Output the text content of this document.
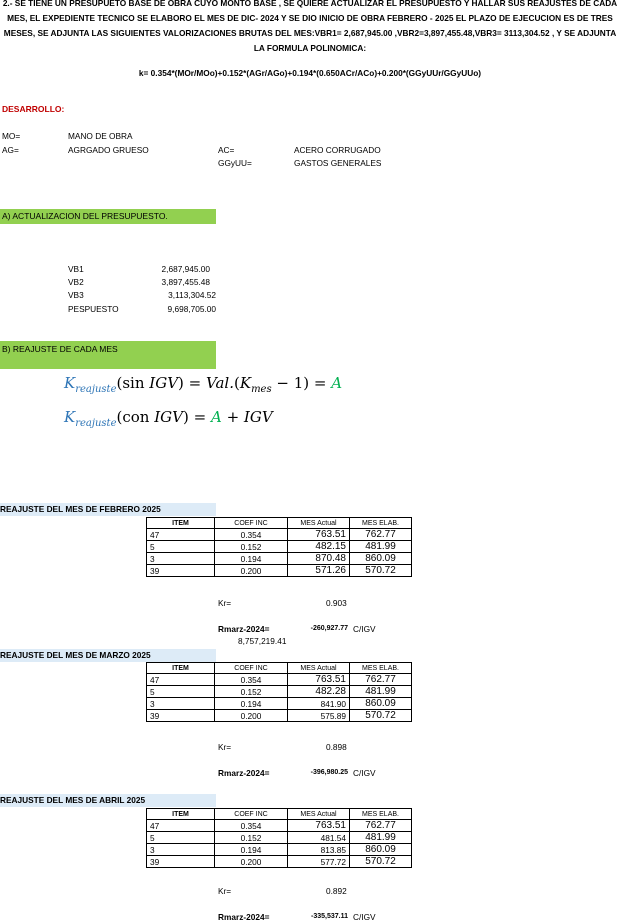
2.- SE TIENE UN PRESUPUETO BASE DE OBRA CUYO MONTO BASE , SE QUIERE ACTUALIZAR EL PRESUPUESTO Y HALLAR SUS REAJUSTES DE CADA MES, EL EXPEDIENTE TECNICO SE ELABORO EL MES DE DIC- 2024 Y SE DIO INICIO DE OBRA FEBRERO - 2025 EL PLAZO DE EJECUCION ES DE TRES MESES, SE ADJUNTA LAS SIGUIENTES VALORIZACIONES BRUTAS DEL MES:VBR1= 2,687,945.00 ,VBR2=3,897,455.48,VBR3= 3113,304.52 , Y SE ADJUNTA LA FORMULA POLINOMICA:
k= 0.354*(MOr/MOo)+0.152*(AGr/AGo)+0.194*(0.650ACr/ACo)+0.200*(GGyUUr/GGyUUo)
DESARROLLO:
MO=	MANO DE OBRA
AG=	AGRGADO GRUESO	AC=	ACERO CORRUGADO
GGyUU=	GASTOS GENERALES
A) ACTUALIZACION DEL PRESUPUESTO.
VB1	2,687,945.00
VB2	3,897,455.48
VB3	3,113,304.52
PESPUESTO	9,698,705.00
B) REAJUSTE DE CADA MES
$K_{reajuste}(\sin$ $IGV) = Val.(K_{mes} - 1) = A$
$K_{reajuste}(con$ IGV) = A + IGV
REAJUSTE DEL MES DE FEBRERO 2025
ITEM	COEF INC	MES Actual	MES ELAB.
47	0.354	763.51	762.77
5	0.152	482.15	481.99
3	0.194	870.48	860.09
39	0.200	571.26	570.72
Kr=	0.903
Rmarz-2024=	-260,927.77 C/IGV
8,757,219.41
REAJUSTE DEL MES DE MARZO 2025
ITEM	COEF INC	MES Actual	MES ELAB.
47	0.354	763.51	762.77
5	0.152	482.28	481.99
3	0.194	841.90	860.09
39	0.200	575.89	570.72
Kr=	0.898
Rmarz-2024=	-396,980.25 C/IGV
REAJUSTE DEL MES DE ABRIL 2025
ITEM	COEF INC	MES Actual	MES ELAB.
47	0.354	763.51	762.77
5	0.152	481.54	481.99
3	0.194	813.85	860.09
39	0.200	577.72	570.72
Kr=	0.892
Rmarz-2024=	-335,537.11 C/IGV
